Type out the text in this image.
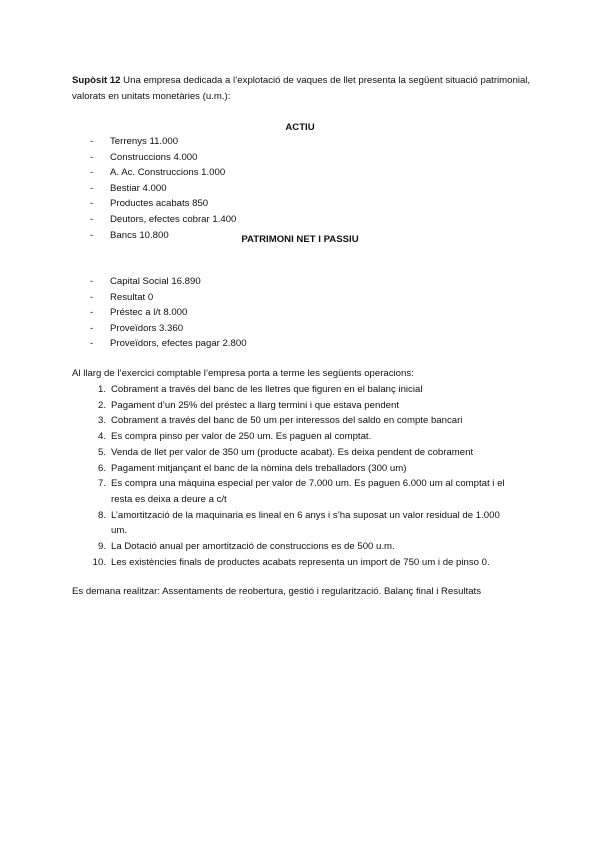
Supòsit 12 Una empresa dedicada a l’explotació de vaques de llet presenta la següent situació patrimonial, valorats en unitats monetàries (u.m.):

ACTIU
- Terrenys 11.000
- Construccions 4.000
- A. Ac. Construccions 1.000
- Bestiar 4.000
- Productes acabats 850
- Deutors, efectes cobrar 1.400
- Bancs 10.800	PATRIMONI NET I PASSIU
- Capital Social 16.890
- Resultat 0
- Préstec a l/t 8.000
- Proveïdors 3.360
- Proveïdors, efectes pagar 2.800
Al llarg de l’exercici comptable l’empresa porta a terme les següents operacions:
1. Cobrament a través del banc de les lletres que figuren en el balanç inicial
2. Pagament d’un 25% del préstec a llarg termini i que estava pendent
3. Cobrament a través del banc de 50 um per interessos del saldo en compte bancari
4. Es compra pinso per valor de 250 um. Es paguen al comptat.
5. Venda de llet per valor de 350 um (producte acabat). Es deixa pendent de cobrament
6. Pagament mitjançant el banc de la nòmina dels treballadors (300 um)
7. Es compra una màquina especial per valor de 7.000 um. Es paguen 6.000 um al comptat i el resta es deixa a deure a c/t
8. L’amortització de la maquinaria es lineal en 6 anys i s’ha suposat un valor residual de 1.000 um.
9. La Dotació anual per amortització de construccions es de 500 u.m.
10. Les existències finals de productes acabats representa un import de 750 um i de pinso 0.
Es demana realitzar: Assentaments de reobertura, gestió i regularització. Balanç final i Resultats
